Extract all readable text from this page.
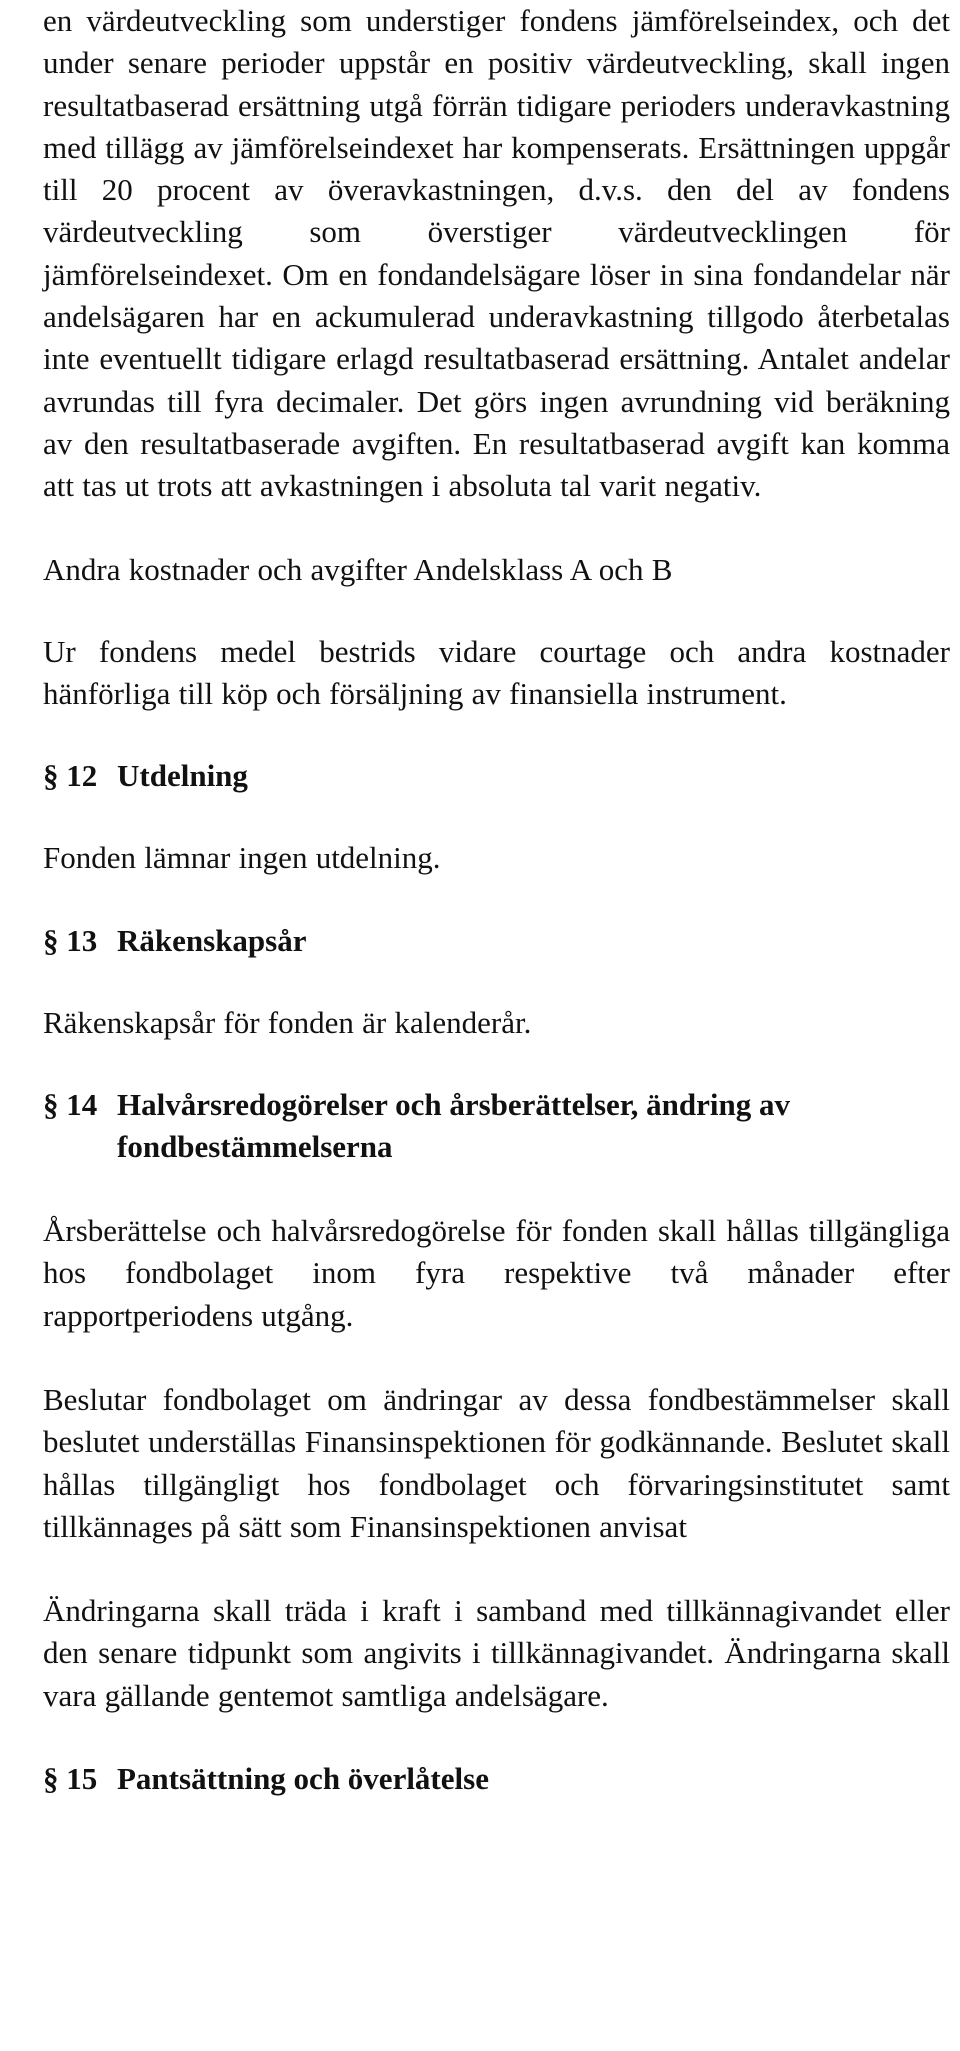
en värdeutveckling som understiger fondens jämförelseindex, och det under senare perioder uppstår en positiv värdeutveckling, skall ingen resultatbaserad ersättning utgå förrän tidigare perioders underavkastning med tillägg av jämförelseindexet har kompenserats. Ersättningen uppgår till 20 procent av överavkastningen, d.v.s. den del av fondens värdeutveckling som överstiger värdeutvecklingen för jämförelseindexet. Om en fondandelsägare löser in sina fondandelar när andelsägaren har en ackumulerad underavkastning tillgodo återbetalas inte eventuellt tidigare erlagd resultatbaserad ersättning. Antalet andelar avrundas till fyra decimaler. Det görs ingen avrundning vid beräkning av den resultatbaserade avgiften. En resultatbaserad avgift kan komma att tas ut trots att avkastningen i absoluta tal varit negativ.

Andra kostnader och avgifter Andelsklass A och B

Ur fondens medel bestrids vidare courtage och andra kostnader hänförliga till köp och försäljning av finansiella instrument.

§ 12 Utdelning

Fonden lämnar ingen utdelning.

§ 13 Räkenskapsår

Räkenskapsår för fonden är kalenderår.

§ 14 Halvårsredogörelser och årsberättelser, ändring av fondbestämmelserna

Årsberättelse och halvårsredogörelse för fonden skall hållas tillgängliga hos fondbolaget inom fyra respektive två månader efter rapportperiodens utgång.

Beslutar fondbolaget om ändringar av dessa fondbestämmelser skall beslutet underställas Finansinspektionen för godkännande. Beslutet skall hållas tillgängligt hos fondbolaget och förvaringsinstitutet samt tillkännages på sätt som Finansinspektionen anvisat

Ändringarna skall träda i kraft i samband med tillkännagivandet eller den senare tidpunkt som angivits i tillkännagivandet. Ändringarna skall vara gällande gentemot samtliga andelsägare.

§ 15 Pantsättning och överlåtelse
